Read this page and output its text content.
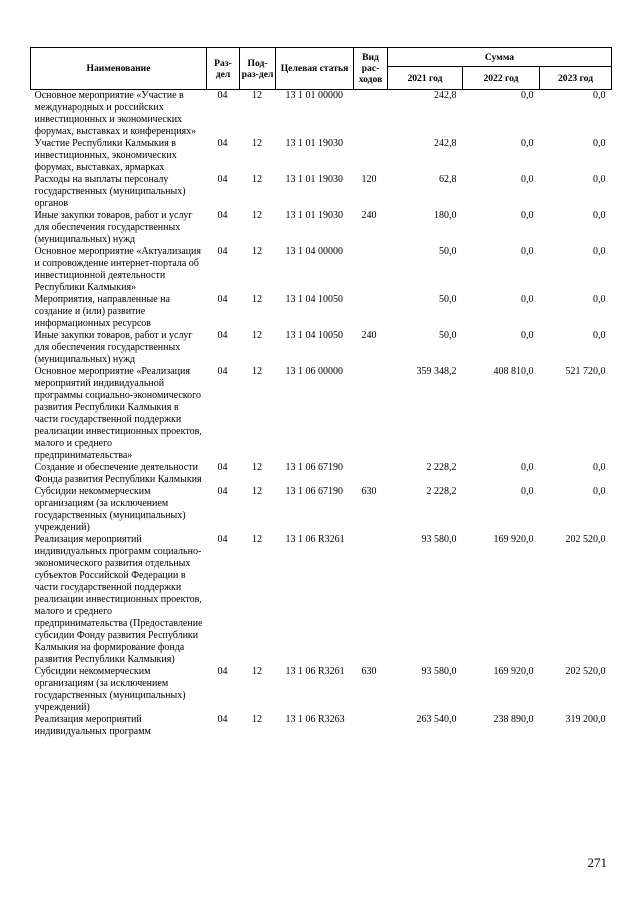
Наименование	Раз-дел	Под-раз-дел	Целевая статья	Вид рас-ходов	Сумма		
					2021 год	2022 год	2023 год
Основное мероприятие «Участие в международных и российских инвестиционных и экономических форумах, выставках и конференциях»	04	12	13 1 01 00000		242,8	0,0	0,0
Участие Республики Калмыкия в инвестиционных, экономических форумах, выставках, ярмарках	04	12	13 1 01 19030		242,8	0,0	0,0
Расходы на выплаты персоналу государственных (муниципальных) органов	04	12	13 1 01 19030	120	62,8	0,0	0,0
Иные закупки товаров, работ и услуг для обеспечения государственных (муниципальных) нужд	04	12	13 1 01 19030	240	180,0	0,0	0,0
Основное мероприятие «Актуализация и сопровождение интернет-портала об инвестиционной деятельности Республики Калмыкия»	04	12	13 1 04 00000		50,0	0,0	0,0
Мероприятия, направленные на создание и (или) развитие информационных ресурсов	04	12	13 1 04 10050		50,0	0,0	0,0
Иные закупки товаров, работ и услуг для обеспечения государственных (муниципальных) нужд	04	12	13 1 04 10050	240	50,0	0,0	0,0
Основное мероприятие «Реализация мероприятий индивидуальной программы социально-экономического развития Республики Калмыкия в части государственной поддержки реализации инвестиционных проектов, малого и среднего предпринимательства»	04	12	13 1 06 00000		359 348,2	408 810,0	521 720,0
Создание и обеспечение деятельности Фонда развития Республики Калмыкия	04	12	13 1 06 67190		2 228,2	0,0	0,0
Субсидии некоммерческим организациям (за исключением государственных (муниципальных) учреждений)	04	12	13 1 06 67190	630	2 228,2	0,0	0,0
Реализация мероприятий индивидуальных программ социально-экономического развития отдельных субъектов Российской Федерации в части государственной поддержки реализации инвестиционных проектов, малого и среднего предпринимательства (Предоставление субсидии Фонду развития Республики Калмыкия на формирование фонда развития Республики Калмыкия)	04	12	13 1 06 R3261		93 580,0	169 920,0	202 520,0
Субсидии некоммерческим организациям (за исключением государственных (муниципальных) учреждений)	04	12	13 1 06 R3261	630	93 580,0	169 920,0	202 520,0
Реализация мероприятий индивидуальных программ	04	12	13 1 06 R3263		263 540,0	238 890,0	319 200,0
271
